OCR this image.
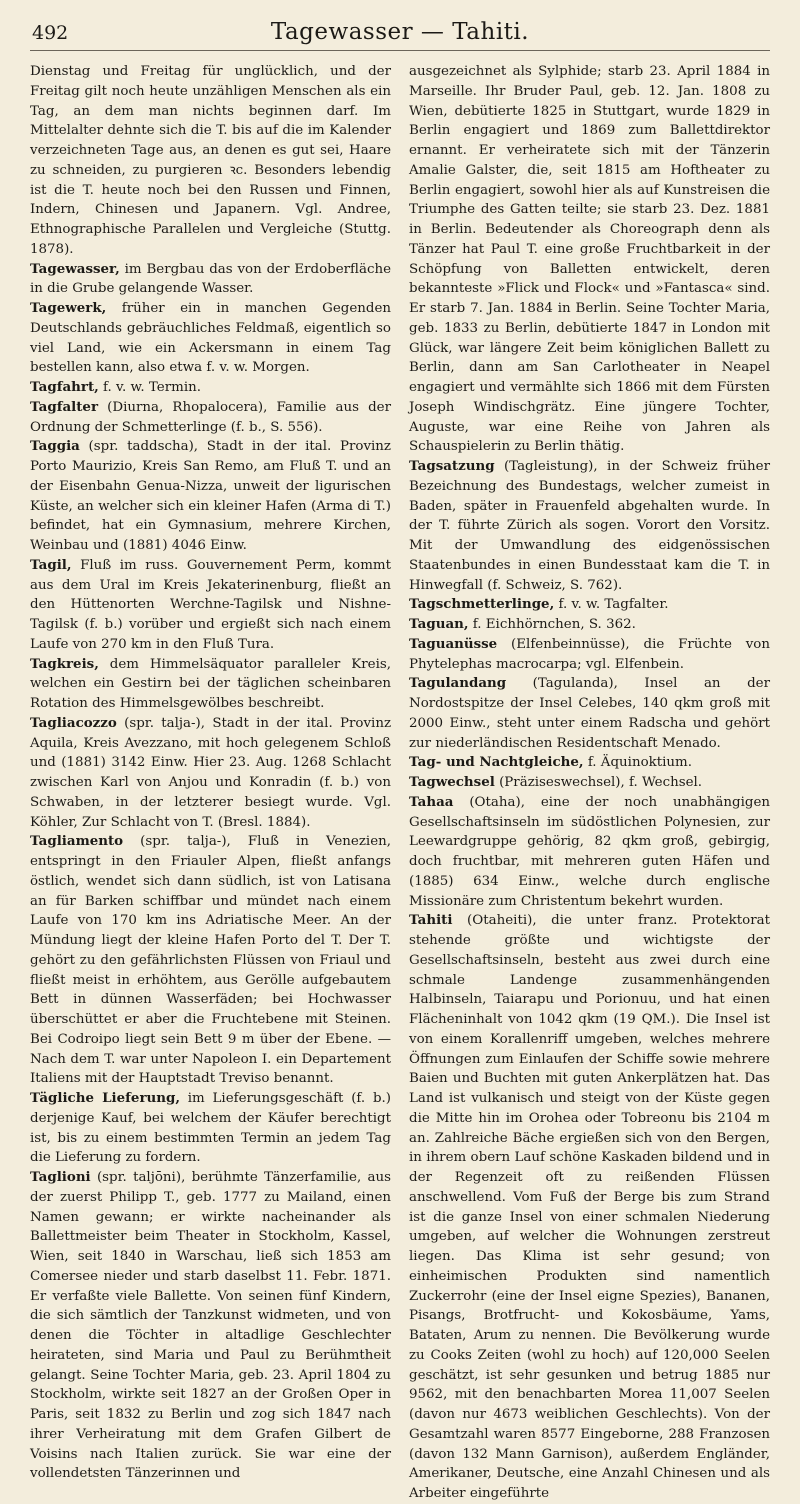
492	Tagewasser — Tahiti.

Dienstag und Freitag für unglücklich, und der Freitag gilt noch heute unzähligen Menschen als ein Tag, an dem man nichts beginnen darf. Im Mittelalter dehnte sich die T. bis auf die im Kalender verzeichneten Tage aus, an denen es gut sei, Haare zu schneiden, zu purgieren ꝛc. Besonders lebendig ist die T. heute noch bei den Russen und Finnen, Indern, Chinesen und Japanern. Vgl. Andree, Ethnographische Parallelen und Vergleiche (Stuttg. 1878).

Tagewasser, im Bergbau das von der Erdoberfläche in die Grube gelangende Wasser.

Tagewerk, früher ein in manchen Gegenden Deutschlands gebräuchliches Feldmaß, eigentlich so viel Land, wie ein Ackersmann in einem Tag bestellen kann, also etwa f. v. w. Morgen.

Tagfahrt, f. v. w. Termin.

Tagfalter (Diurna, Rhopalocera), Familie aus der Ordnung der Schmetterlinge (f. b., S. 556).

Taggia (spr. taddscha), Stadt in der ital. Provinz Porto Maurizio, Kreis San Remo, am Fluß T. und an der Eisenbahn Genua-Nizza, unweit der ligurischen Küste, an welcher sich ein kleiner Hafen (Arma di T.) befindet, hat ein Gymnasium, mehrere Kirchen, Weinbau und (1881) 4046 Einw.

Tagil, Fluß im russ. Gouvernement Perm, kommt aus dem Ural im Kreis Jekaterinenburg, fließt an den Hüttenorten Werchne-Tagilsk und Nishne-Tagilsk (f. b.) vorüber und ergießt sich nach einem Laufe von 270 km in den Fluß Tura.

Tagkreis, dem Himmelsäquator paralleler Kreis, welchen ein Gestirn bei der täglichen scheinbaren Rotation des Himmelsgewölbes beschreibt.

Tagliacozzo (spr. talja-), Stadt in der ital. Provinz Aquila, Kreis Avezzano, mit hoch gelegenem Schloß und (1881) 3142 Einw. Hier 23. Aug. 1268 Schlacht zwischen Karl von Anjou und Konradin (f. b.) von Schwaben, in der letzterer besiegt wurde. Vgl. Köhler, Zur Schlacht von T. (Bresl. 1884).

Tagliamento (spr. talja-), Fluß in Venezien, entspringt in den Friauler Alpen, fließt anfangs östlich, wendet sich dann südlich, ist von Latisana an für Barken schiffbar und mündet nach einem Laufe von 170 km ins Adriatische Meer. An der Mündung liegt der kleine Hafen Porto del T. Der T. gehört zu den gefährlichsten Flüssen von Friaul und fließt meist in erhöhtem, aus Gerölle aufgebautem Bett in dünnen Wasserfäden; bei Hochwasser überschüttet er aber die Fruchtebene mit Steinen. Bei Codroipo liegt sein Bett 9 m über der Ebene. — Nach dem T. war unter Napoleon I. ein Departement Italiens mit der Hauptstadt Treviso benannt.

Tägliche Lieferung, im Lieferungsgeschäft (f. b.) derjenige Kauf, bei welchem der Käufer berechtigt ist, bis zu einem bestimmten Termin an jedem Tag die Lieferung zu fordern.

Taglioni (spr. taljōni), berühmte Tänzerfamilie, aus der zuerst Philipp T., geb. 1777 zu Mailand, einen Namen gewann; er wirkte nacheinander als Ballettmeister beim Theater in Stockholm, Kassel, Wien, seit 1840 in Warschau, ließ sich 1853 am Comersee nieder und starb daselbst 11. Febr. 1871. Er verfaßte viele Ballette. Von seinen fünf Kindern, die sich sämtlich der Tanzkunst widmeten, und von denen die Töchter in altadlige Geschlechter heirateten, sind Maria und Paul zu Berühmtheit gelangt. Seine Tochter Maria, geb. 23. April 1804 zu Stockholm, wirkte seit 1827 an der Großen Oper in Paris, seit 1832 zu Berlin und zog sich 1847 nach ihrer Verheiratung mit dem Grafen Gilbert de Voisins nach Italien zurück. Sie war eine der vollendetsten Tänzerinnen und

ausgezeichnet als Sylphide; starb 23. April 1884 in Marseille. Ihr Bruder Paul, geb. 12. Jan. 1808 zu Wien, debütierte 1825 in Stuttgart, wurde 1829 in Berlin engagiert und 1869 zum Ballettdirektor ernannt. Er verheiratete sich mit der Tänzerin Amalie Galster, die, seit 1815 am Hoftheater zu Berlin engagiert, sowohl hier als auf Kunstreisen die Triumphe des Gatten teilte; sie starb 23. Dez. 1881 in Berlin. Bedeutender als Choreograph denn als Tänzer hat Paul T. eine große Fruchtbarkeit in der Schöpfung von Balletten entwickelt, deren bekannteste »Flick und Flock« und »Fantasca« sind. Er starb 7. Jan. 1884 in Berlin. Seine Tochter Maria, geb. 1833 zu Berlin, debütierte 1847 in London mit Glück, war längere Zeit beim königlichen Ballett zu Berlin, dann am San Carlotheater in Neapel engagiert und vermählte sich 1866 mit dem Fürsten Joseph Windischgrätz. Eine jüngere Tochter, Auguste, war eine Reihe von Jahren als Schauspielerin zu Berlin thätig.

Tagsatzung (Tagleistung), in der Schweiz früher Bezeichnung des Bundestags, welcher zumeist in Baden, später in Frauenfeld abgehalten wurde. In der T. führte Zürich als sogen. Vorort den Vorsitz. Mit der Umwandlung des eidgenössischen Staatenbundes in einen Bundesstaat kam die T. in Hinwegfall (f. Schweiz, S. 762).

Tagschmetterlinge, f. v. w. Tagfalter.

Taguan, f. Eichhörnchen, S. 362.

Taguanüsse (Elfenbeinnüsse), die Früchte von Phytelephas macrocarpa; vgl. Elfenbein.

Tagulandang (Tagulanda), Insel an der Nordostspitze der Insel Celebes, 140 qkm groß mit 2000 Einw., steht unter einem Radscha und gehört zur niederländischen Residentschaft Menado.

Tag- und Nachtgleiche, f. Äquinoktium.

Tagwechsel (Präziseswechsel), f. Wechsel.

Tahaa (Otaha), eine der noch unabhängigen Gesellschaftsinseln im südöstlichen Polynesien, zur Leewardgruppe gehörig, 82 qkm groß, gebirgig, doch fruchtbar, mit mehreren guten Häfen und (1885) 634 Einw., welche durch englische Missionäre zum Christentum bekehrt wurden.

Tahiti (Otaheiti), die unter franz. Protektorat stehende größte und wichtigste der Gesellschaftsinseln, besteht aus zwei durch eine schmale Landenge zusammenhängenden Halbinseln, Taiarapu und Porionuu, und hat einen Flächeninhalt von 1042 qkm (19 QM.). Die Insel ist von einem Korallenriff umgeben, welches mehrere Öffnungen zum Einlaufen der Schiffe sowie mehrere Baien und Buchten mit guten Ankerplätzen hat. Das Land ist vulkanisch und steigt von der Küste gegen die Mitte hin im Orohea oder Tobreonu bis 2104 m an. Zahlreiche Bäche ergießen sich von den Bergen, in ihrem obern Lauf schöne Kaskaden bildend und in der Regenzeit oft zu reißenden Flüssen anschwellend. Vom Fuß der Berge bis zum Strand ist die ganze Insel von einer schmalen Niederung umgeben, auf welcher die Wohnungen zerstreut liegen. Das Klima ist sehr gesund; von einheimischen Produkten sind namentlich Zuckerrohr (eine der Insel eigne Spezies), Bananen, Pisangs, Brotfrucht- und Kokosbäume, Yams, Bataten, Arum zu nennen. Die Bevölkerung wurde zu Cooks Zeiten (wohl zu hoch) auf 120,000 Seelen geschätzt, ist sehr gesunken und betrug 1885 nur 9562, mit den benachbarten Morea 11,007 Seelen (davon nur 4673 weiblichen Geschlechts). Von der Gesamtzahl waren 8577 Eingeborne, 288 Franzosen (davon 132 Mann Garnison), außerdem Engländer, Amerikaner, Deutsche, eine Anzahl Chinesen und als Arbeiter eingeführte
